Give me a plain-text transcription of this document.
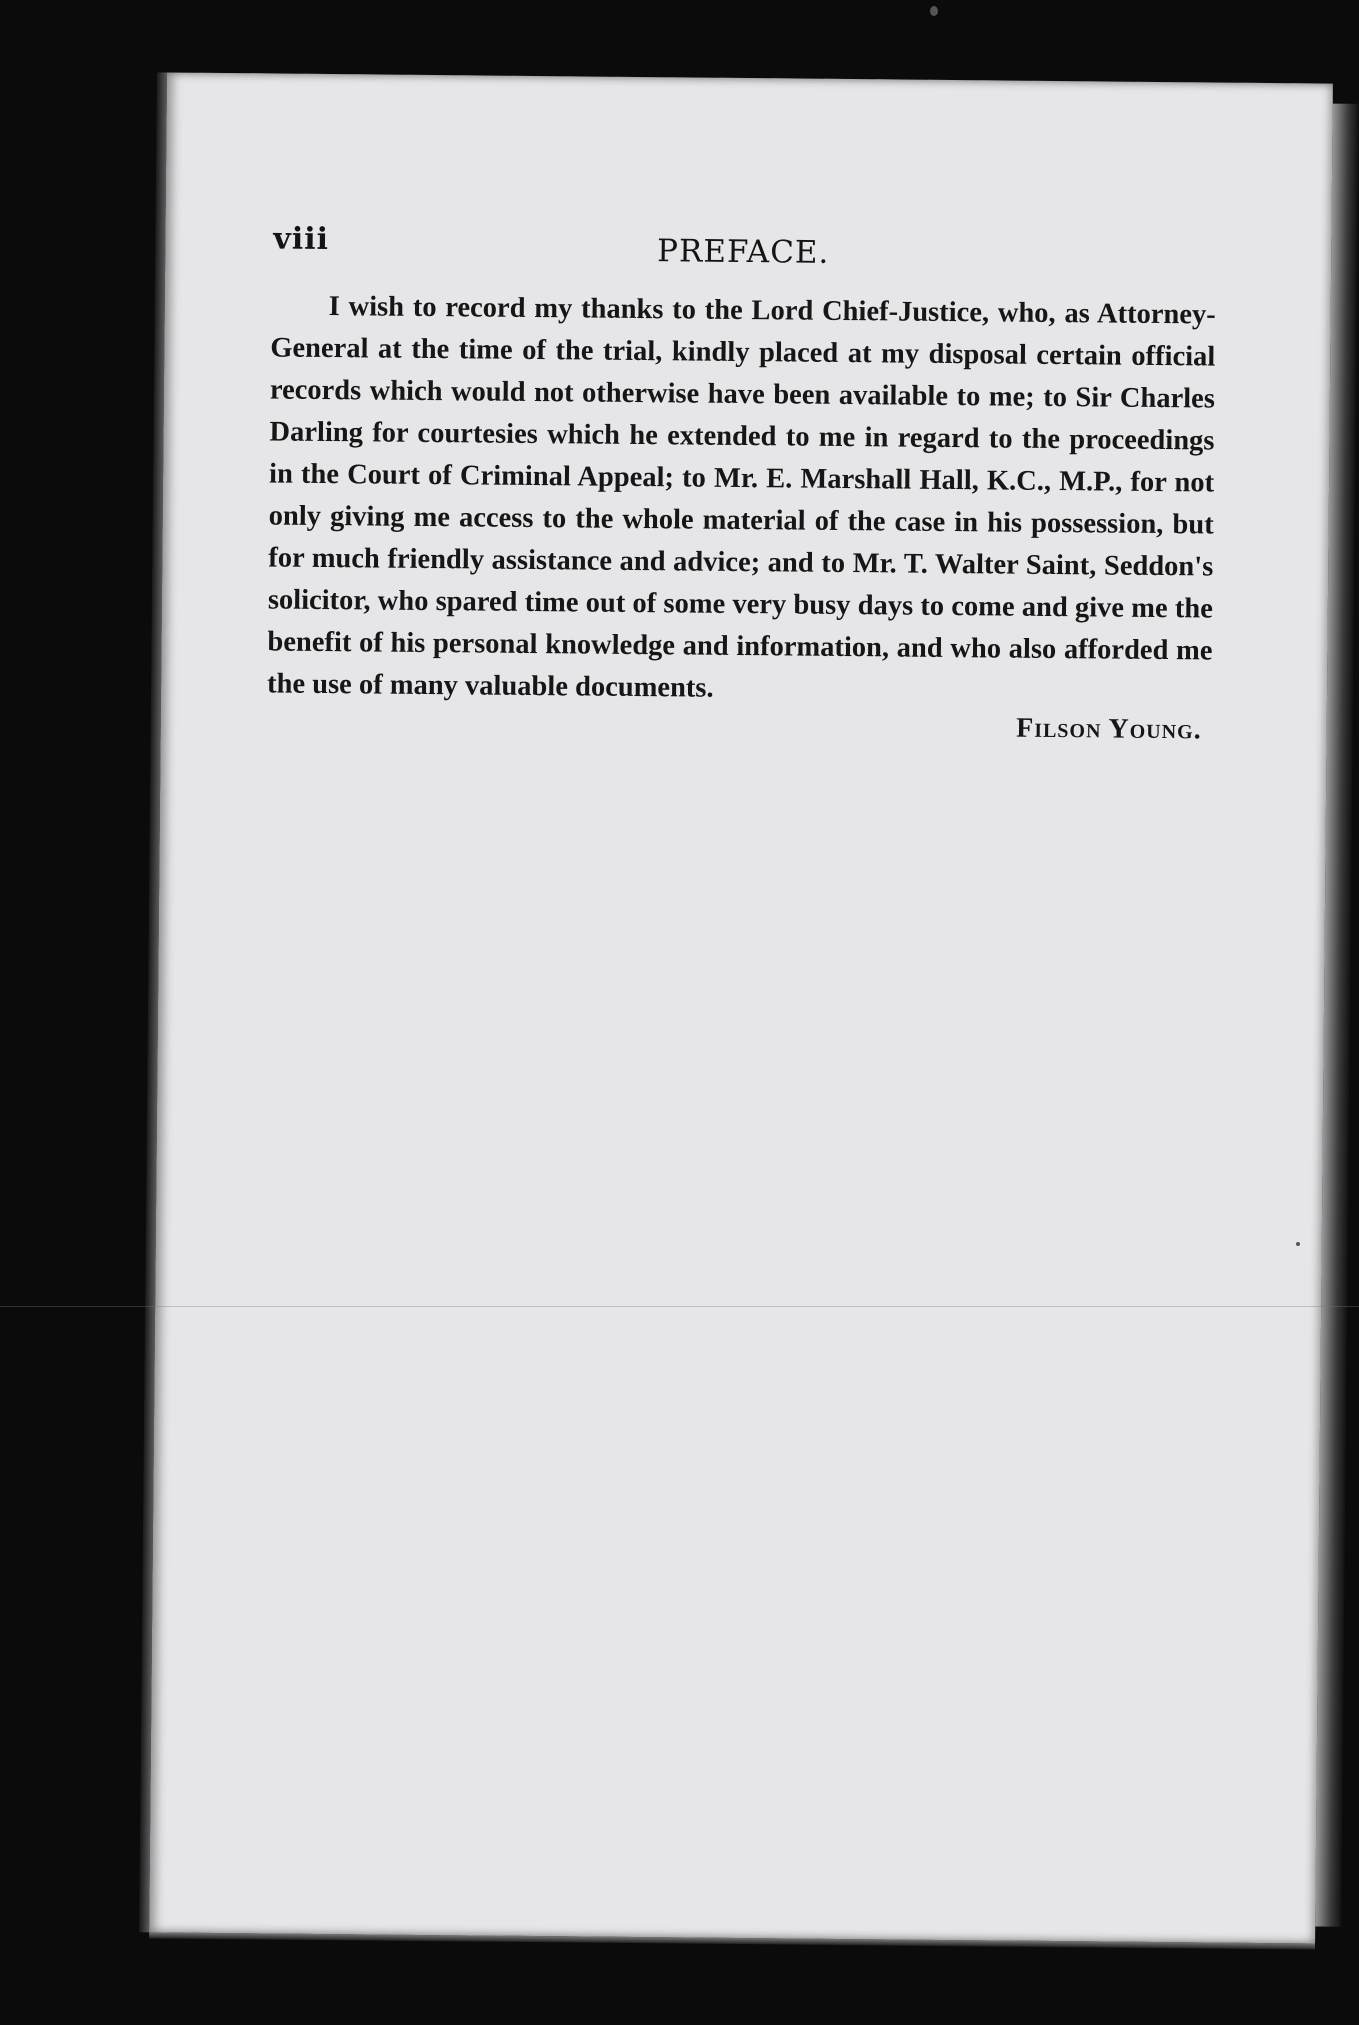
viii	PREFACE.

I wish to record my thanks to the Lord Chief-Justice, who, as Attorney-General at the time of the trial, kindly placed at my disposal certain official records which would not otherwise have been available to me; to Sir Charles Darling for courtesies which he extended to me in regard to the proceedings in the Court of Criminal Appeal; to Mr. E. Marshall Hall, K.C., M.P., for not only giving me access to the whole material of the case in his possession, but for much friendly assistance and advice; and to Mr. T. Walter Saint, Seddon's solicitor, who spared time out of some very busy days to come and give me the benefit of his personal knowledge and information, and who also afforded me the use of many valuable documents.

Filson Young.
